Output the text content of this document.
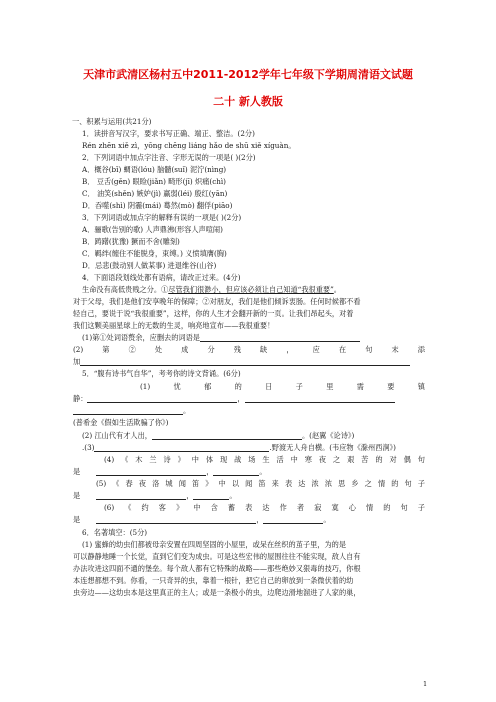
天津市武清区杨村五中2011-2012学年七年级下学期周清语文试题
二十 新人教版
一、积累与运用(共21分)
1．读拼音写汉字，要求书写正确、端正、整洁。(2分)
Rén zhēn xiě zì，yōng chēng liáng hǎo de shū xiě xíguàn。
2．下列词语中加点字注音、字形无误的一项是( )(2分)
A．概谷(bǐ) 蜩语(lóu) 脑髓(suǐ) 泥泞(nìng)
B． 豆舌(gěn) 眼睑(jiǎn) 畸形(jī) 炽痛(chì)
C． 油笑(shěn) 嫉妒(jì) 赢弱(léi) 殷红(yān)
D．吞噬(shì) 阴霾(mái) 蓦然(mò) 翻俘(piāo)
3．下列词语或加点字的解释有误的一项是( )(2分)
A．骊歌(告别的歌) 人声鼎沸(形容人声喧闹)
B．踌躇(犹豫) 獗而不舍(雕刻)
C．羁绊(缠住不能脱身，束缚。) 义愤填膺(胸)
D．忌悲(鼓动别人做某事) 进退维谷(山谷)
4．下面语段划线处都有语病，请改正过来。(4分)
生命没有高低贵贱之分。①尽管我们很渺小，但应该必须让自己知道“我很重要”。
对于父母，我们是他们安享晚年的保障；②对朋友，我们是他们倾诉衷肠。任何时候都不看
轻自己，要说于说“我很重要”，这样，你的人生才会翻开新的一页。让我们昂起头，对着
我们这颗美丽星球上的无数的生灵，响亮地宣布——我很重要！
(1)第①处词语赘余，应删去的词语是
(2)第②处成分残缺，应在句末添
加
5．“腹有诗书气自华”，考考你的诗文背诵。(6分)
(1)忧郁的日子里需要镇
静：	，
。
(普希金《假如生活欺骗了你》)
(2) 江山代有才人出，	。(赵翼《论诗》)
.(3)	.野渡无人舟自横。(韦应物《滁州西涧》)
(4)《木兰诗》中体现战场生活中寒夜之艰苦的对偶句
是	，	。
(5)《春夜洛城闻笛》中以闻笛来表达浓浓思乡之情的句子
是	，	。
(6)《约客》中含蓄表达作者寂寞心情的句子
是	，	。
6．名著填空：(5分)
(1) 蜜蜂的幼虫们都被母亲安置在四周坚固的小屋里，或呆在丝织的茧子里，为的是
可以静静地睡一个长觉，直到它们变为成虫。可是这些宏伟的屋围往往不能实现，敌人自有
办法攻进这四面不通的堡垒。每个敌人都有它特殊的战略——那些绝妙又狠毒的技巧，你根
本连想都想不到。你看，一只奇异的虫，靠着一根针，把它自己的卵放到一条微伏着的幼
虫旁边——这幼虫本是这里真正的主人；或是一条极小的虫，边爬边滑地溜进了人家的巢，
1
